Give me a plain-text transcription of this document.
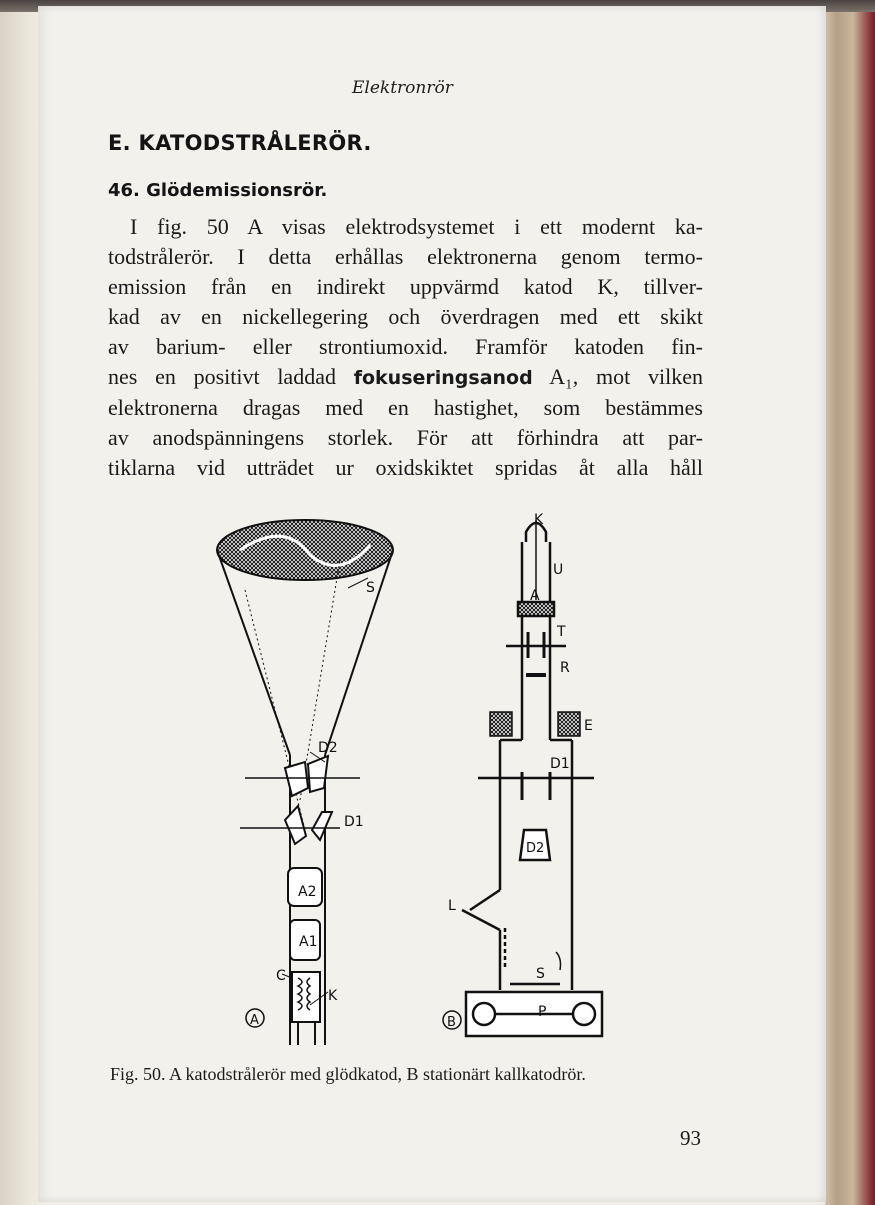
Elektronrör
E. KATODSTRÅLERÖR.
46. Glödemissionsrör.
I fig. 50 A visas elektrodsystemet i ett modernt ka-
todstrålerör. I detta erhållas elektronerna genom termo-
emission från en indirekt uppvärmd katod K, tillver-
kad av en nickellegering och överdragen med ett skikt
av barium- eller strontiumoxid. Framför katoden fin-
nes en positivt laddad fokuseringsanod A₁, mot vilken
elektronerna dragas med en hastighet, som bestämmes
av anodspänningens storlek. För att förhindra att par-
tiklarna vid utträdet ur oxidskiktet spridas åt alla håll
A
S
D2
D1
A2
A1
C
K
B
K
U
A
T
R
E
D1
D2
L
S
P
Fig. 50. A katodstrålerör med glödkatod, B stationärt kallkatodrör.
93
